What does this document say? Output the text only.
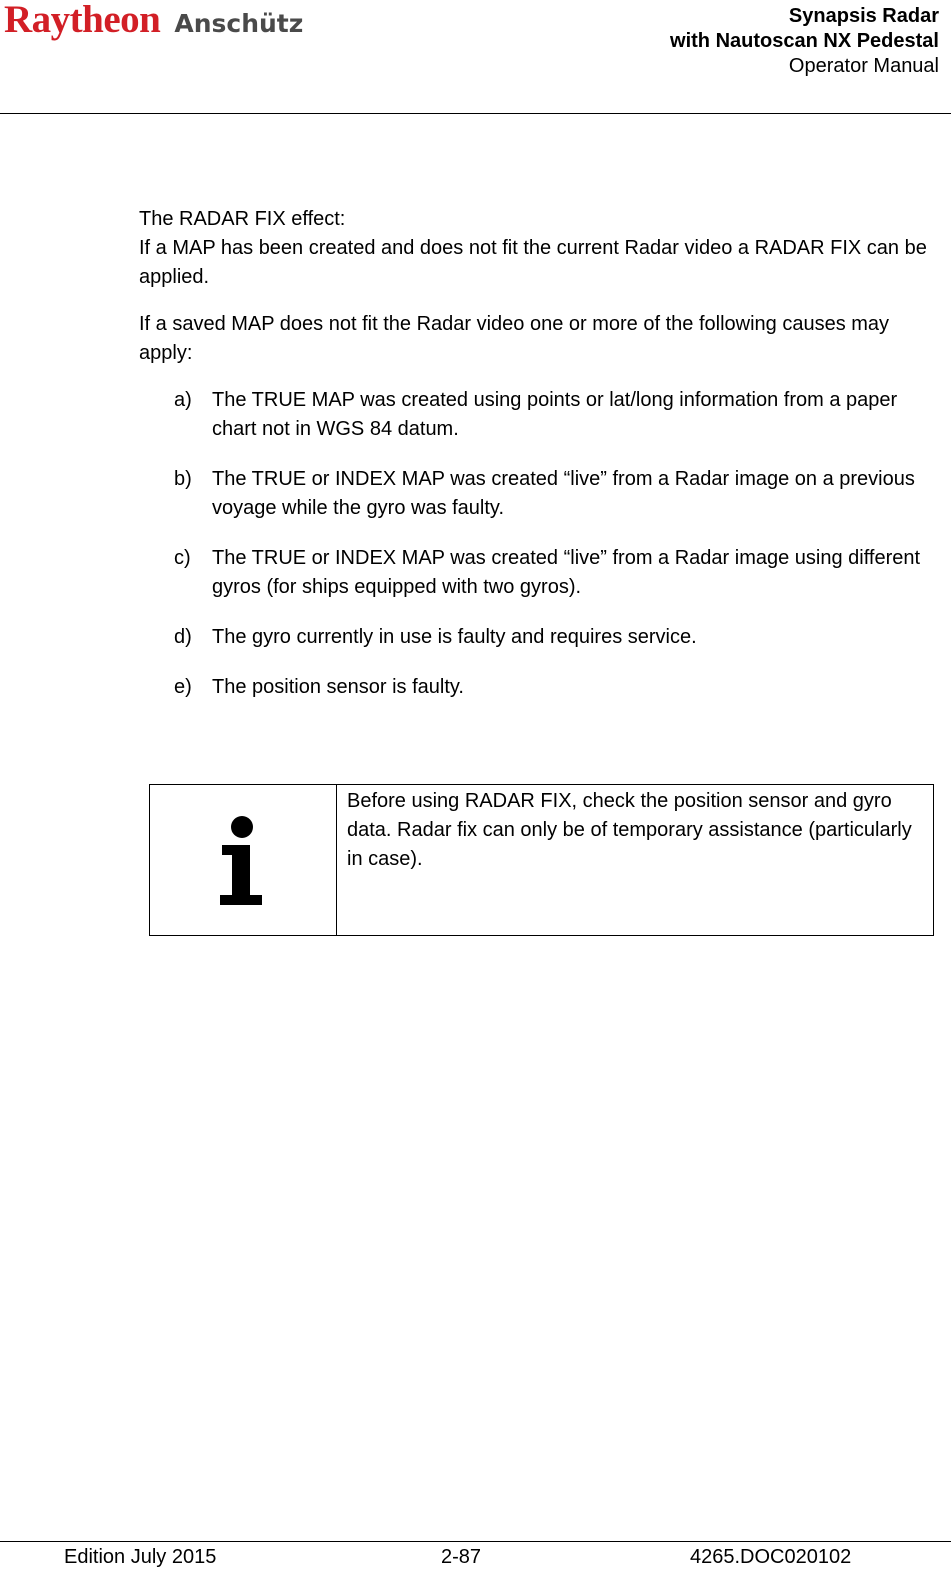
Raytheon Anschütz	Synapsis Radar
with Nautoscan NX Pedestal
Operator Manual

The RADAR FIX effect:

If a MAP has been created and does not fit the current Radar video a RADAR FIX can be applied.

If a saved MAP does not fit the Radar video one or more of the following causes may apply:

a)	The TRUE MAP was created using points or lat/long information from a paper chart not in WGS 84 datum.
b)	The TRUE or INDEX MAP was created “live” from a Radar image on a previous voyage while the gyro was faulty.
c)	The TRUE or INDEX MAP was created “live” from a Radar image using different gyros (for ships equipped with two gyros).
d)	The gyro currently in use is faulty and requires service.
e)	The position sensor is faulty.
Before using RADAR FIX, check the position sensor and gyro data. Radar fix can only be of temporary assistance (particularly in case).
Edition July 2015	2-87	4265.DOC020102
